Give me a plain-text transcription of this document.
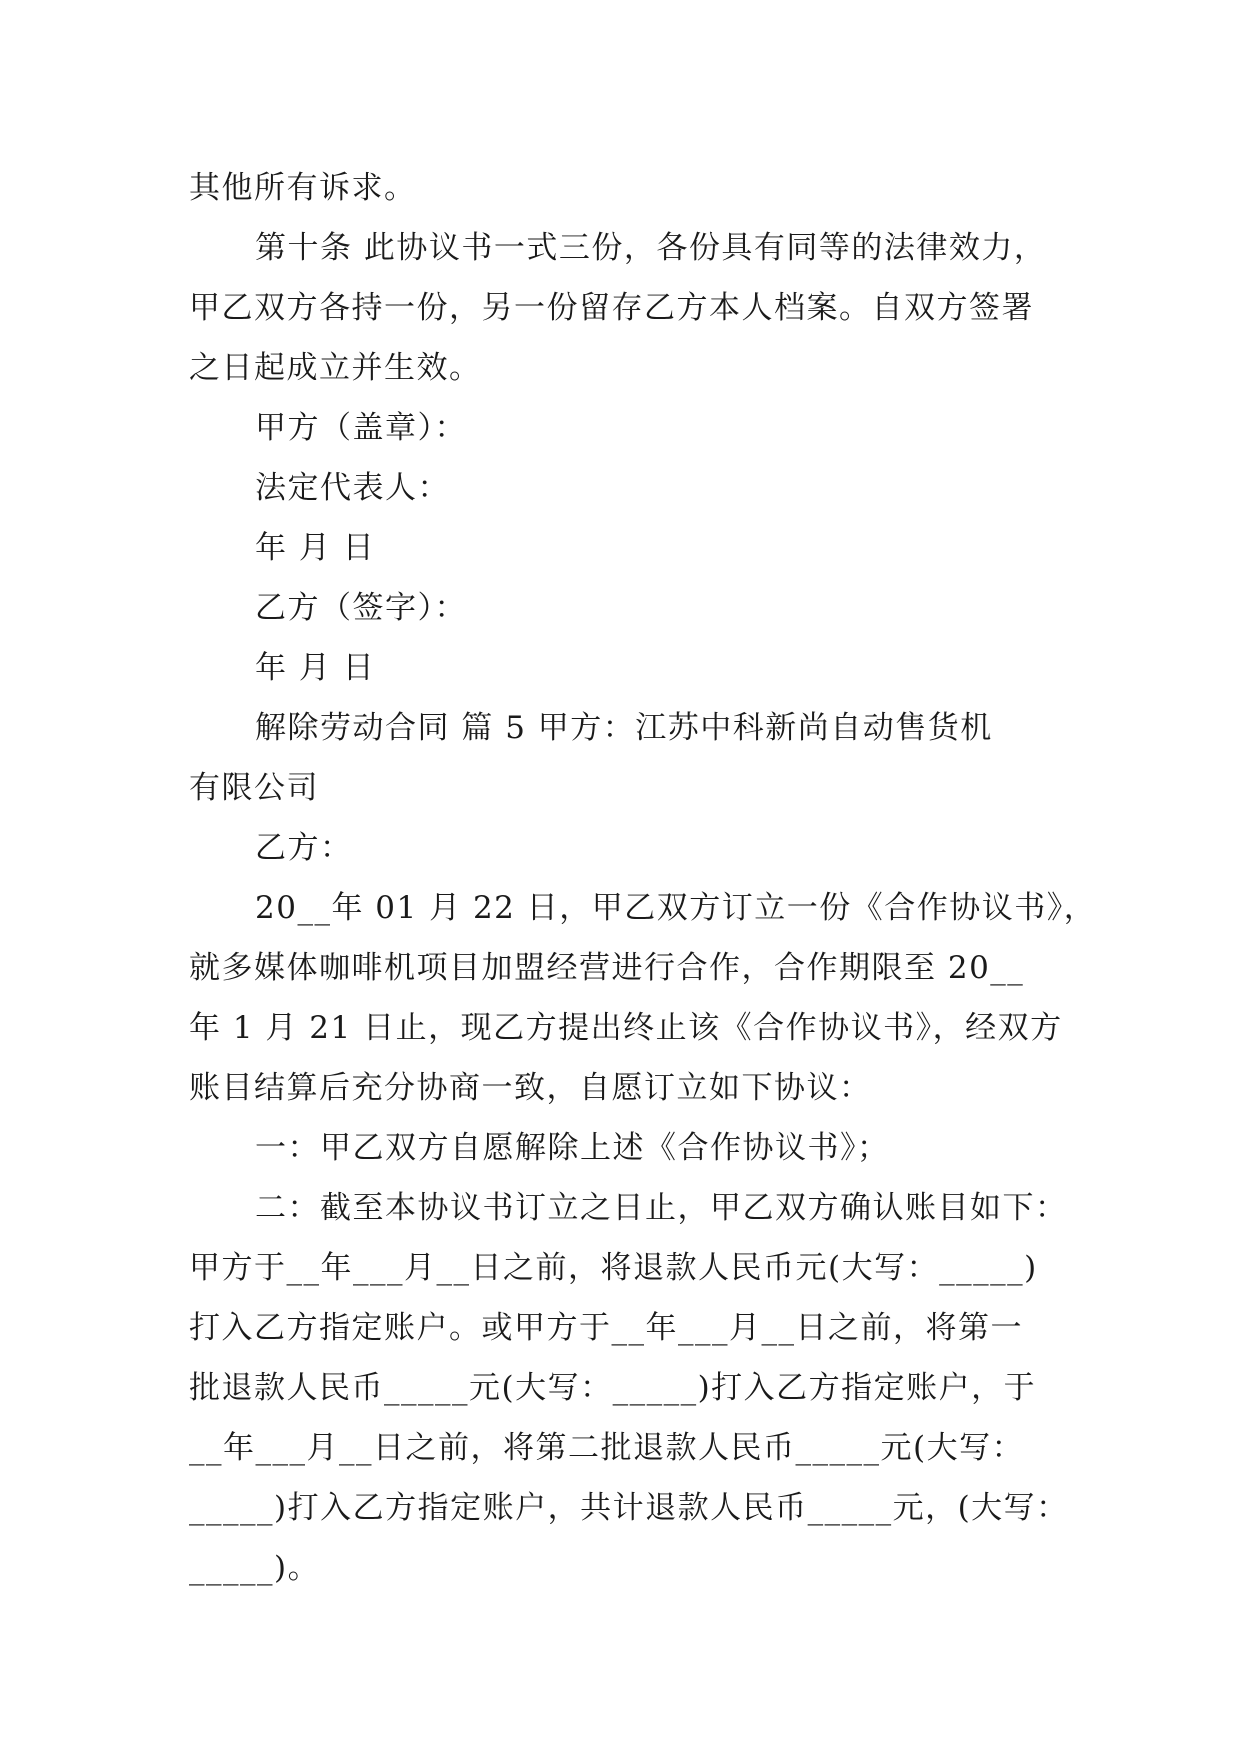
其他所有诉求。
第十条 此协议书一式三份，各份具有同等的法律效力，
甲乙双方各持一份，另一份留存乙方本人档案。自双方签署
之日起成立并生效。
甲方（盖章）：
法定代表人：
年 月 日
乙方（签字）：
年 月 日
解除劳动合同 篇 5 甲方：江苏中科新尚自动售货机
有限公司
乙方：
20__年 01 月 22 日，甲乙双方订立一份《合作协议书》，
就多媒体咖啡机项目加盟经营进行合作，合作期限至 20__
年 1 月 21 日止，现乙方提出终止该《合作协议书》，经双方
账目结算后充分协商一致，自愿订立如下协议：
一：甲乙双方自愿解除上述《合作协议书》；
二：截至本协议书订立之日止，甲乙双方确认账目如下：
甲方于__年___月__日之前，将退款人民币元(大写：_____)
打入乙方指定账户。或甲方于__年___月__日之前，将第一
批退款人民币_____元(大写：_____)打入乙方指定账户，于
__年___月__日之前，将第二批退款人民币_____元(大写：
_____)打入乙方指定账户，共计退款人民币_____元，(大写：
_____)。
